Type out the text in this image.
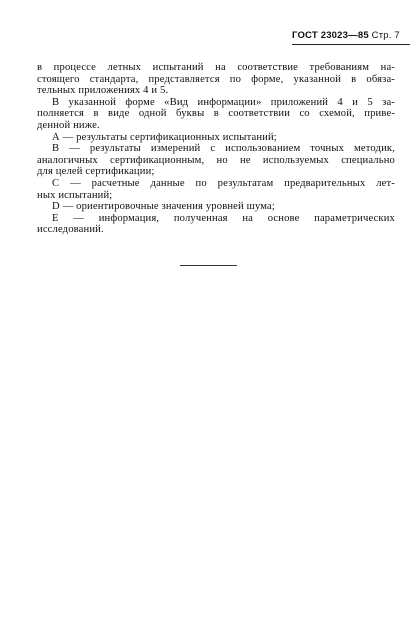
ГОСТ 23023—85 Стр. 7

в процессе летных испытаний на соответствие требованиям на-

стоящего стандарта, представляется по форме, указанной в обяза-

тельных приложениях 4 и 5.

В указанной форме «Вид информации» приложений 4 и 5 за-

полняется в виде одной буквы в соответствии со схемой, приве-

денной ниже.

А — результаты сертификационных испытаний;

В — результаты измерений с использованием точных методик,

аналогичных сертификационным, но не используемых специально

для целей сертификации;

С — расчетные данные по результатам предварительных лет-

ных испытаний;

D — ориентировочные значения уровней шума;

Е — информация, полученная на основе параметрических

исследований.
